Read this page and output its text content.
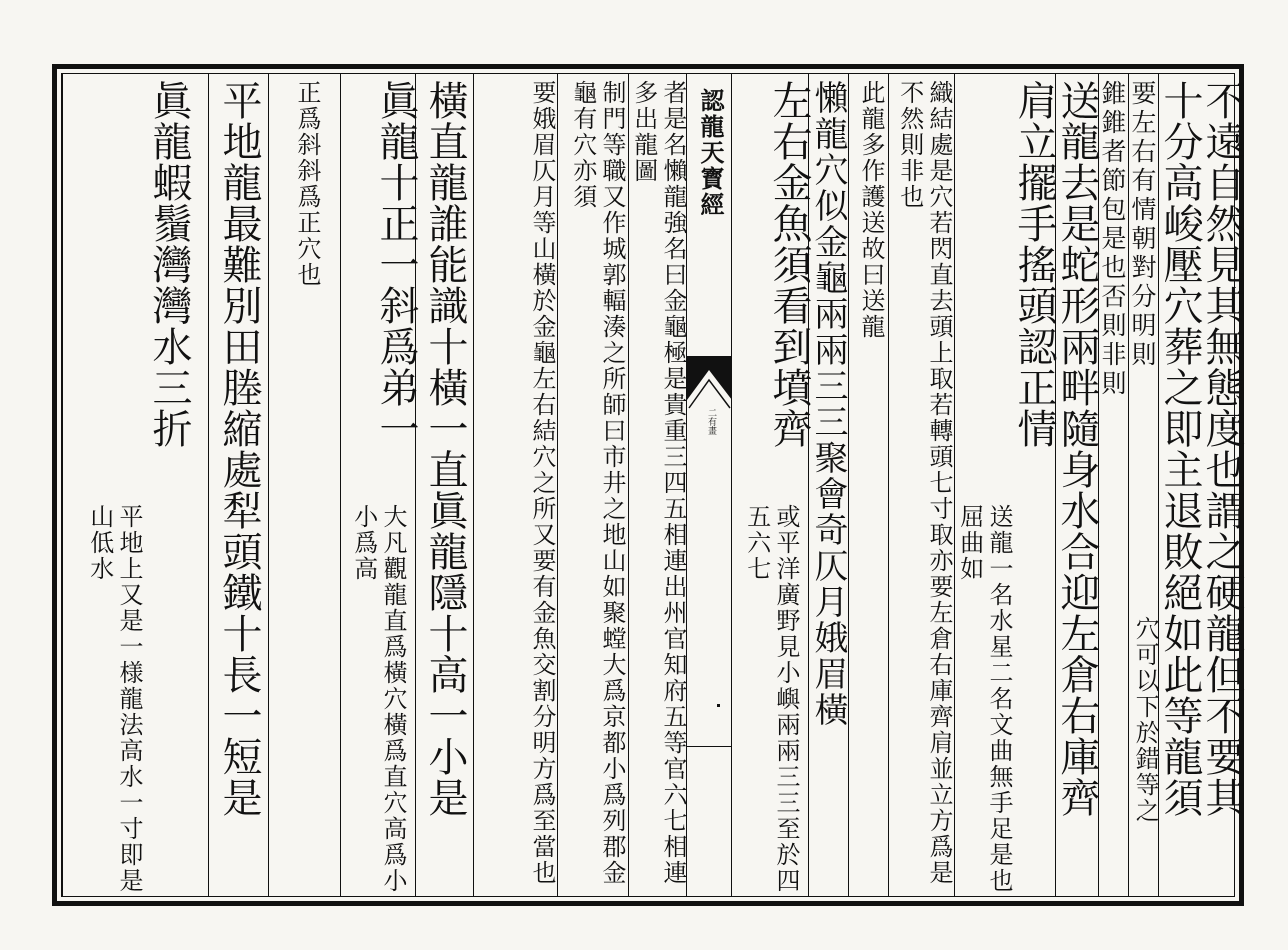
不遠自然見其無態度也謂之硬龍但不要其
十分高峻壓穴葬之即主退敗絕如此等龍須
要左右有情朝對分明則
穴可以下於錯等之
錐錐者節包是也否則非則
送龍去是蛇形兩畔隨身水合迎左倉右庫齊
肩立擺手搖頭認正情
送龍一名水星二名文曲無手足是也屈曲如
織結處是穴若閃直去頭上取若轉頭七寸取亦要左倉右庫齊肩並立方爲是不然則非也
此龍多作護送故曰送龍
懶龍穴似金龜兩兩三三聚會奇仄月娥眉橫
左右金魚須看到墳齊
或平洋廣野見小嶼兩兩三三至於四五六七
認龍天寳經
二有畫
者是名懶龍強名曰金龜極是貴重三四五相連出州官知府五等官六七相連多出龍圖
制門等職又作城郭輻湊之所師曰市井之地山如聚螳大爲京都小爲列郡金龜有穴亦須
要娥眉仄月等山橫於金龜左右結穴之所又要有金魚交割分明方爲至當也
橫直龍誰能識十橫一直眞龍隱十高一小是
眞龍十正一斜爲弟一
大凡觀龍直爲橫穴橫爲直穴高爲小小爲高
正爲斜斜爲正穴也
平地龍最難別田塍縮處犁頭鐵十長一短是
眞龍蝦鬚灣灣水三折
平地上又是一様龍法高水一寸即是山低水
